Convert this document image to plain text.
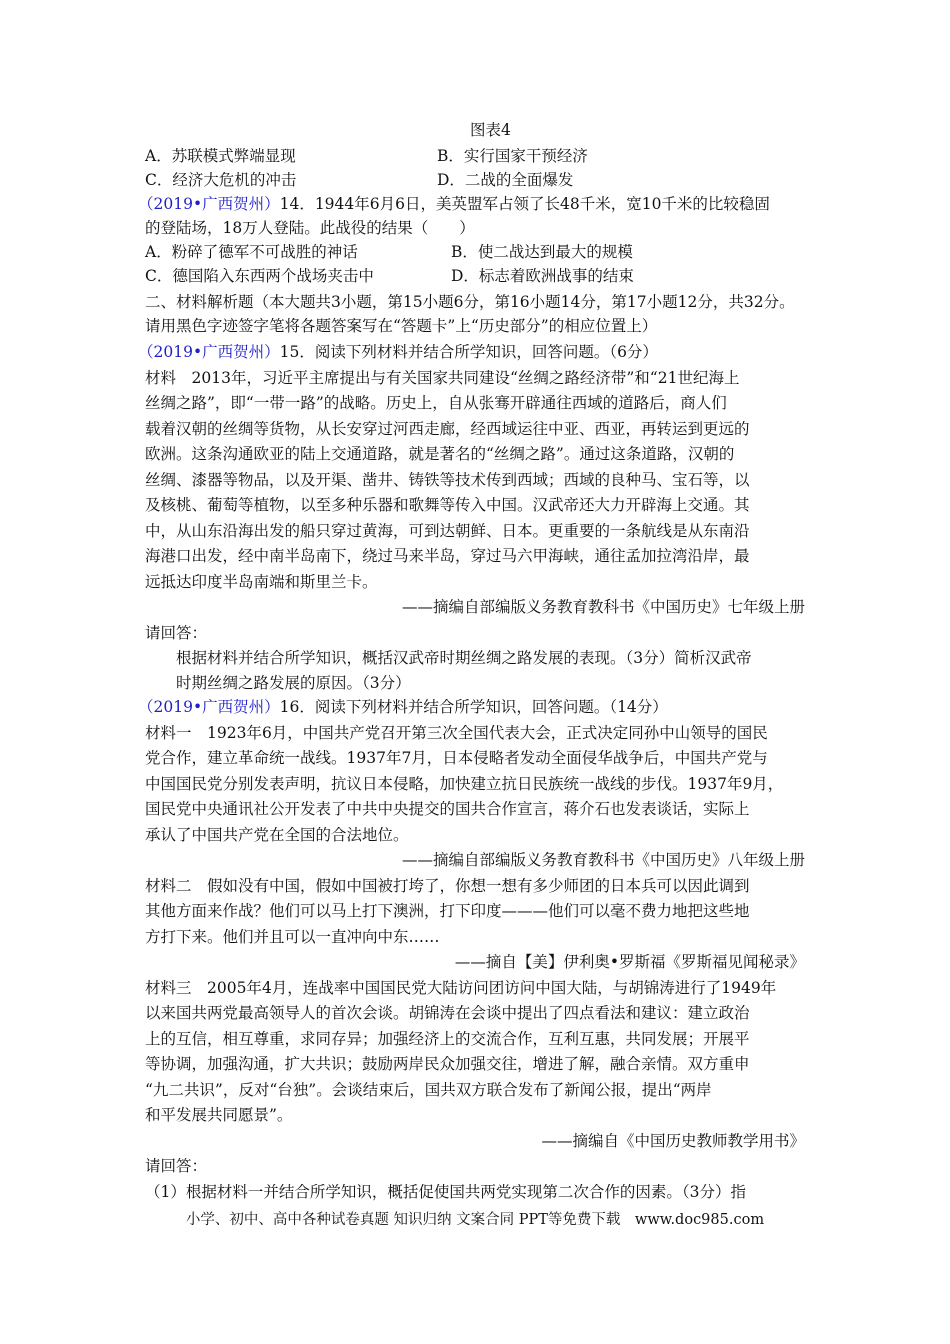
图表4
A．苏联模式弊端显现	B．实行国家干预经济
C．经济大危机的冲击	D．二战的全面爆发
（2019•广西贺州）14．1944年6月6日，美英盟军占领了长48千米，宽10千米的比较稳固
的登陆场，18万人登陆。此战役的结果（　　）
A．粉碎了德军不可战胜的神话	B．使二战达到最大的规模
C．德国陷入东西两个战场夹击中	D．标志着欧洲战事的结束
二、材料解析题（本大题共3小题，第15小题6分，第16小题14分，第17小题12分，共32分。
请用黑色字迹签字笔将各题答案写在“答题卡”上“历史部分”的相应位置上）
（2019•广西贺州）15．阅读下列材料并结合所学知识，回答问题。（6分）
材料　2013年，习近平主席提出与有关国家共同建设“丝绸之路经济带”和“21世纪海上
丝绸之路”，即“一带一路”的战略。历史上，自从张骞开辟通往西域的道路后，商人们
载着汉朝的丝绸等货物，从长安穿过河西走廊，经西域运往中亚、西亚，再转运到更远的
欧洲。这条沟通欧亚的陆上交通道路，就是著名的“丝绸之路”。通过这条道路，汉朝的
丝绸、漆器等物品，以及开渠、凿井、铸铁等技术传到西域；西域的良种马、宝石等，以
及核桃、葡萄等植物，以至多种乐器和歌舞等传入中国。汉武帝还大力开辟海上交通。其
中，从山东沿海出发的船只穿过黄海，可到达朝鲜、日本。更重要的一条航线是从东南沿
海港口出发，经中南半岛南下，绕过马来半岛，穿过马六甲海峡，通往孟加拉湾沿岸，最
远抵达印度半岛南端和斯里兰卡。
——摘编自部编版义务教育教科书《中国历史》七年级上册
请回答：
根据材料并结合所学知识，概括汉武帝时期丝绸之路发展的表现。（3分）简析汉武帝
时期丝绸之路发展的原因。（3分）
（2019•广西贺州）16．阅读下列材料并结合所学知识，回答问题。（14分）
材料一　1923年6月，中国共产党召开第三次全国代表大会，正式决定同孙中山领导的国民
党合作，建立革命统一战线。1937年7月，日本侵略者发动全面侵华战争后，中国共产党与
中国国民党分别发表声明，抗议日本侵略，加快建立抗日民族统一战线的步伐。1937年9月，
国民党中央通讯社公开发表了中共中央提交的国共合作宣言，蒋介石也发表谈话，实际上
承认了中国共产党在全国的合法地位。
——摘编自部编版义务教育教科书《中国历史》八年级上册
材料二　假如没有中国，假如中国被打垮了，你想一想有多少师团的日本兵可以因此调到
其他方面来作战？他们可以马上打下澳洲，打下印度———他们可以毫不费力地把这些地
方打下来。他们并且可以一直冲向中东……
——摘自【美】伊利奥•罗斯福《罗斯福见闻秘录》
材料三　2005年4月，连战率中国国民党大陆访问团访问中国大陆，与胡锦涛进行了1949年
以来国共两党最高领导人的首次会谈。胡锦涛在会谈中提出了四点看法和建议：建立政治
上的互信，相互尊重，求同存异；加强经济上的交流合作，互利互惠，共同发展；开展平
等协调，加强沟通，扩大共识；鼓励两岸民众加强交往，增进了解，融合亲情。双方重申
“九二共识”，反对“台独”。会谈结束后，国共双方联合发布了新闻公报，提出“两岸
和平发展共同愿景”。
——摘编自《中国历史教师教学用书》
请回答：
（1）根据材料一并结合所学知识，概括促使国共两党实现第二次合作的因素。（3分）指
小学、初中、高中各种试卷真题 知识归纳 文案合同 PPT等免费下载　www.doc985.com
